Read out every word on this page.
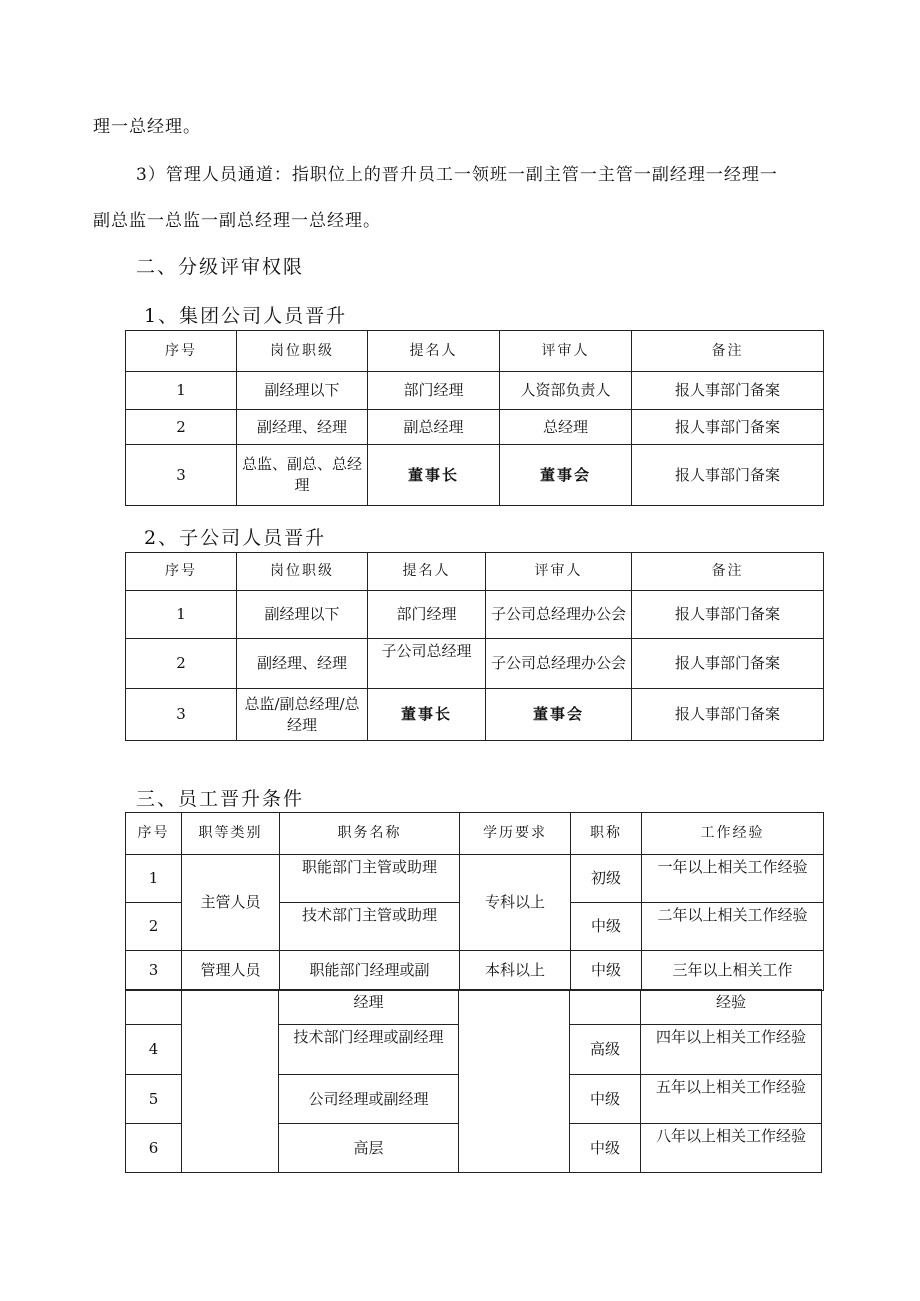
理一总经理。
3）管理人员通道：指职位上的晋升员工一领班一副主管一主管一副经理一经理一
副总监一总监一副总经理一总经理。
二、分级评审权限
1、集团公司人员晋升
序号	岗位职级	提名人	评审人	备注
1	副经理以下	部门经理	人资部负责人	报人事部门备案
2	副经理、经理	副总经理	总经理	报人事部门备案
3	总监、副总、总经理	董事长	董事会	报人事部门备案
2、子公司人员晋升
序号	岗位职级	提名人	评审人	备注
1	副经理以下	部门经理	子公司总经理办公会	报人事部门备案
2	副经理、经理	子公司总经理	子公司总经理办公会	报人事部门备案
3	总监/副总经理/总经理	董事长	董事会	报人事部门备案
三、员工晋升条件
序号	职等类别	职务名称	学历要求	职称	工作经验
1	主管人员	职能部门主管或助理	专科以上	初级	一年以上相关工作经验
2		技术部门主管或助理		中级	二年以上相关工作经验
3	管理人员	职能部门经理或副	本科以上	中级	三年以上相关工作
		经理			经验
4		技术部门经理或副经理		高级	四年以上相关工作经验
5		公司经理或副经理		中级	五年以上相关工作经验
6		高层		中级	八年以上相关工作经验
